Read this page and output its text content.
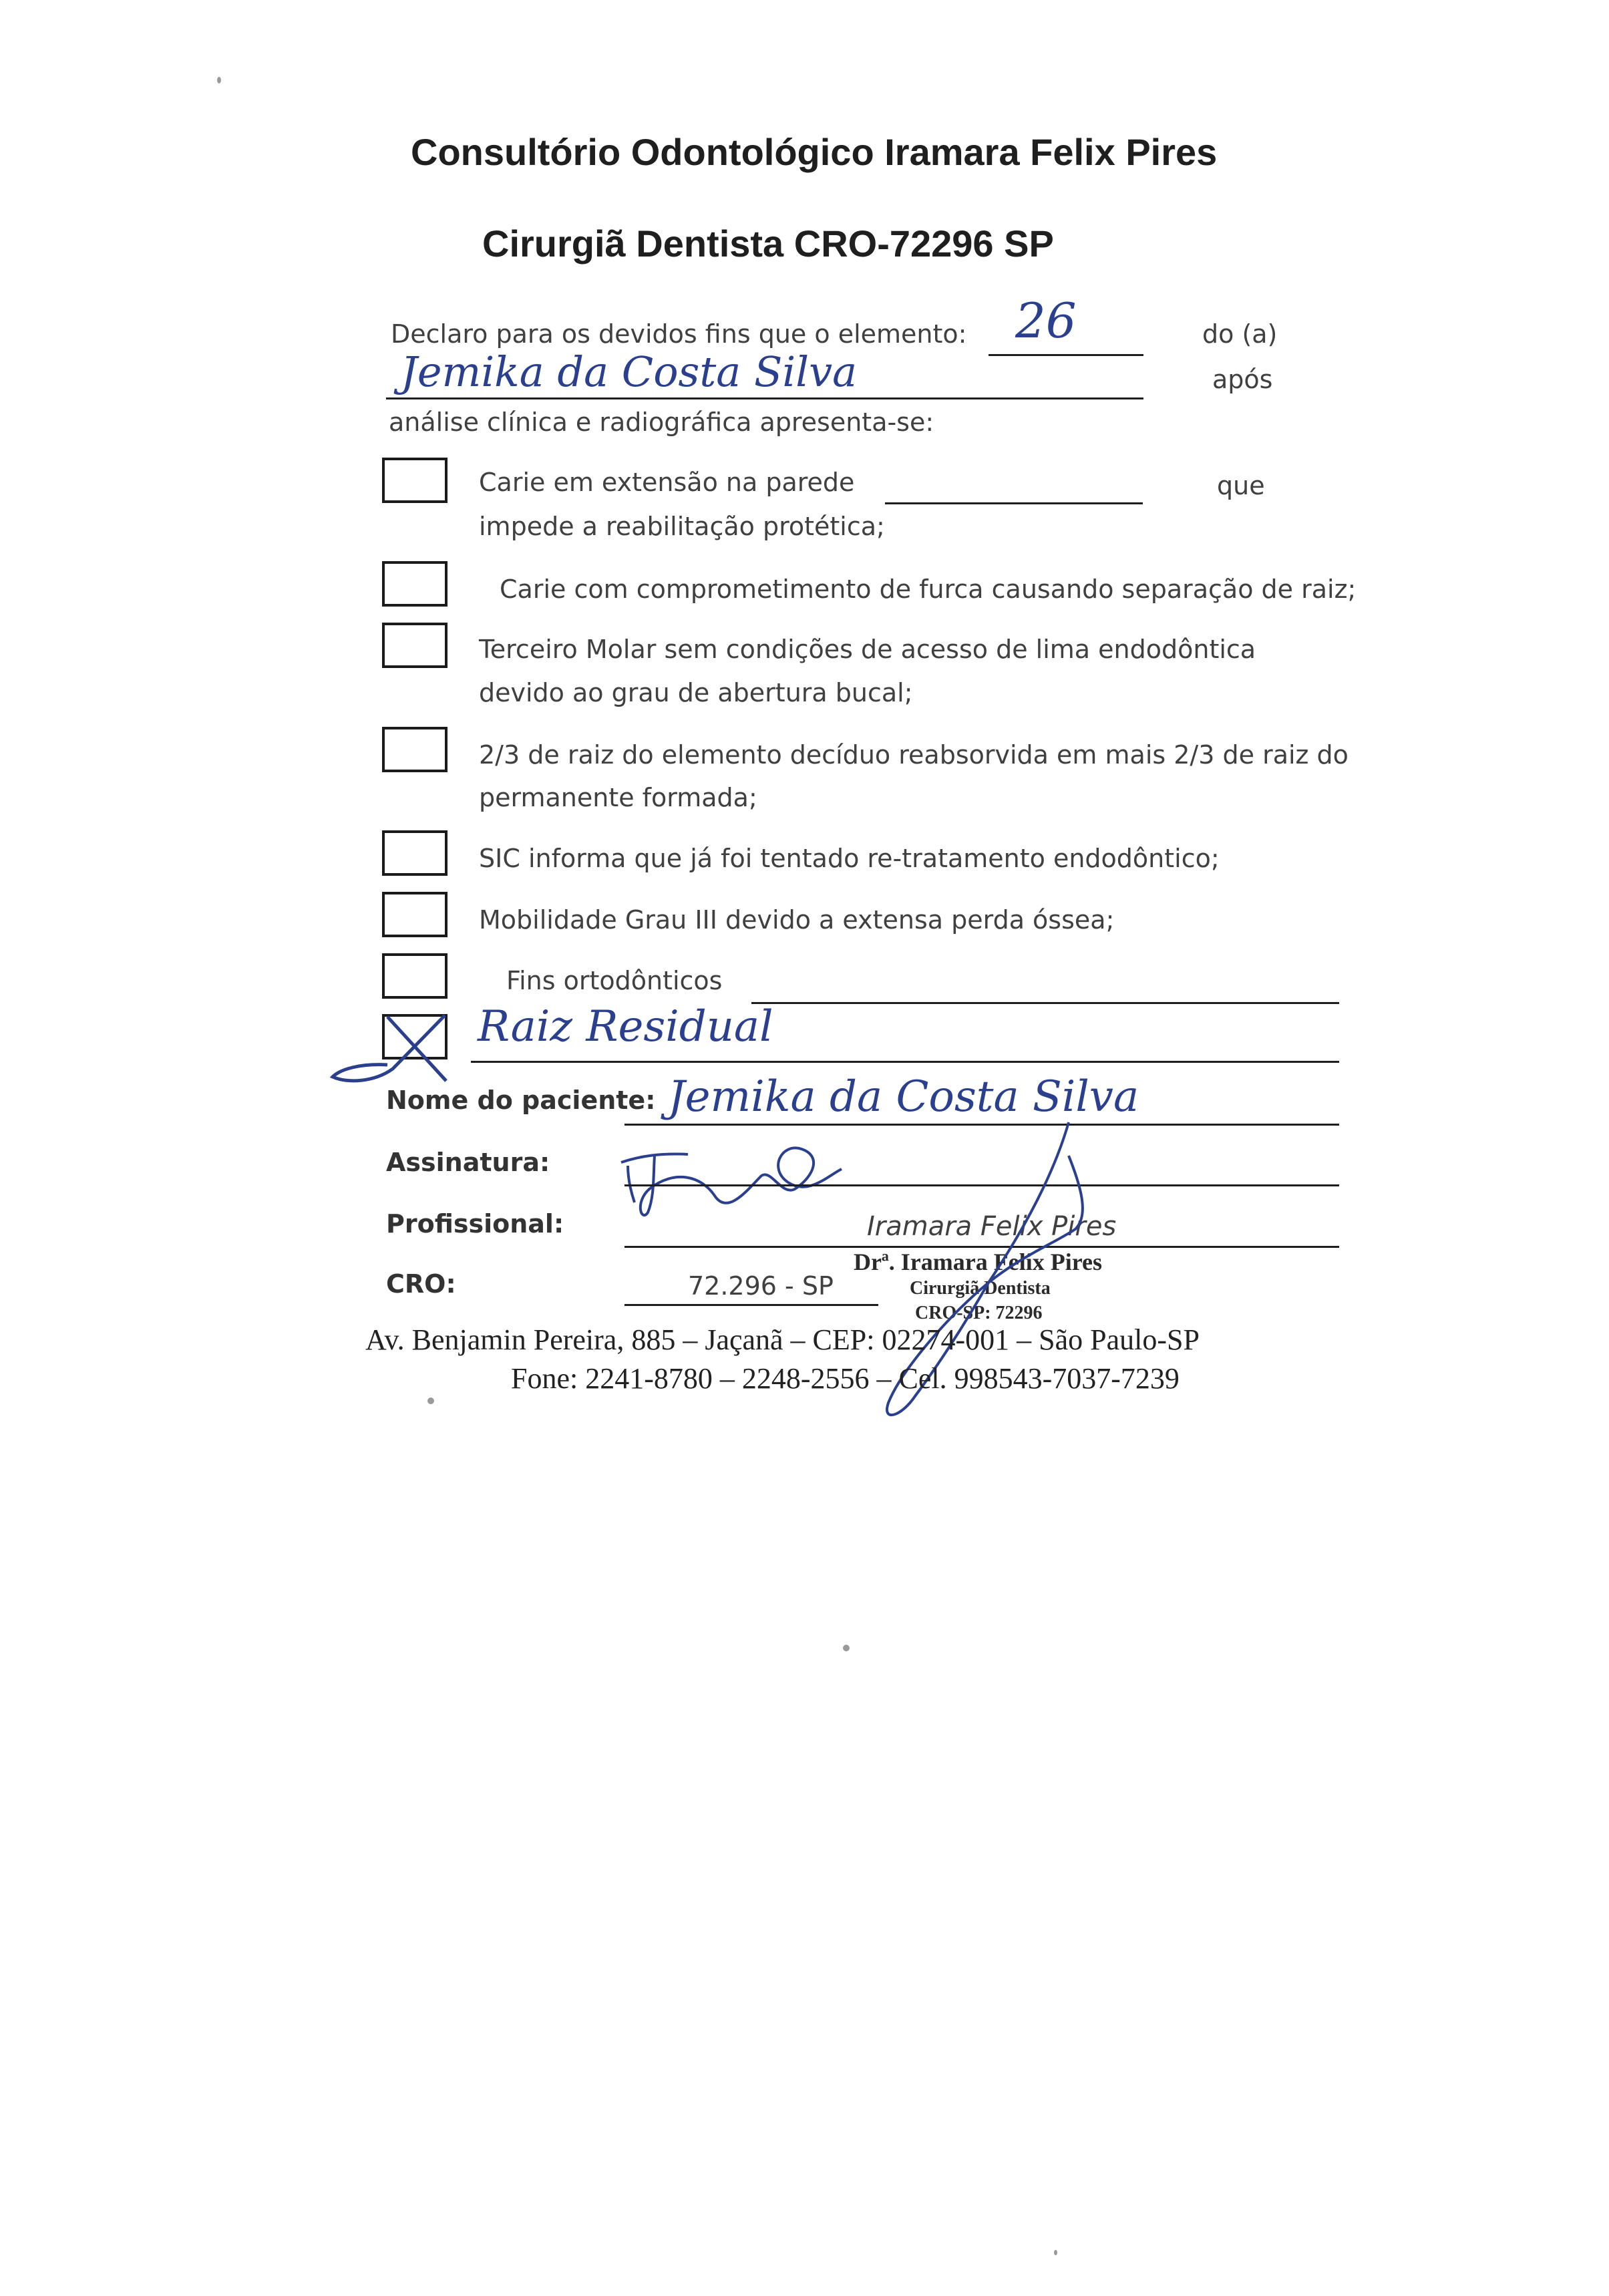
Consultório Odontológico Iramara Felix Pires
Cirurgiã Dentista CRO-72296 SP
Declaro para os devidos fins que o elemento: 26	do (a)
Jemika da Costa Silva	após
análise clínica e radiográfica apresenta-se:
Carie em extensão na parede
impede a reabilitação protética;
que
Carie com comprometimento de furca causando separação de raiz;
Terceiro Molar sem condições de acesso de lima endodôntica
devido ao grau de abertura bucal;
2/3 de raiz do elemento decíduo reabsorvida em mais 2/3 de raiz do
permanente formada;
SIC informa que já foi tentado re-tratamento endodôntico;
Mobilidade Grau III devido a extensa perda óssea;
Fins ortodônticos
Raiz Residual
Nome do paciente: Jemika da Costa Silva
Assinatura:
Profissional:	Iramara Felix Pires
CRO:	72.296 - SP
Drª. Iramara Felix Pires
Cirurgiã Dentista
CRO-SP: 72296
Av. Benjamin Pereira, 885 – Jaçanã – CEP: 02274-001 – São Paulo-SP
Fone: 2241-8780 – 2248-2556 – Cel. 998543-7037-7239
